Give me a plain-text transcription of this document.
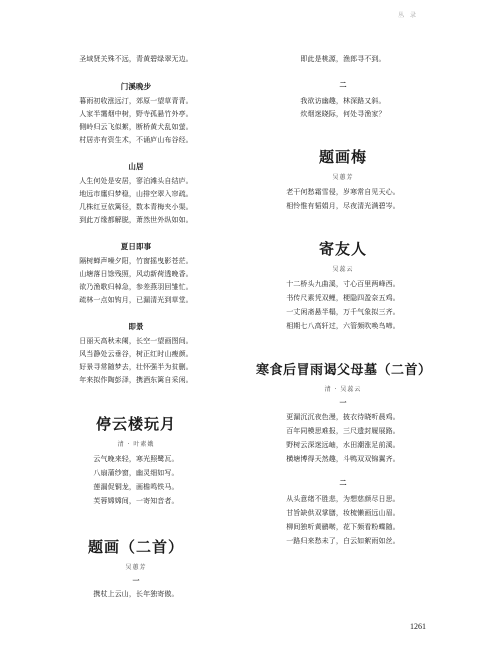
丛 录
圣域贤关殊不远，青黄碧绿翠无边。
门溪晚步
暮雨初收涨远汀，郊原一望草青青。
人家半霭烟中树，野寺孤悬竹外亭。
側岭归云飞似絮，断桥黄犬乱如萤。
村居亦有资生术，不诵庐山布谷经。
山居
人生何处是安居，寥泊滩头自结庐。
地远市廛归梦稳，山排空翠入帘疏。
几株红豆依篱径，数本青梅夹小渠。
到此万缘都解脱，萧然世外纵如如。
夏日即事
隔树蝉声噪夕阳，竹窗摇曳影苍茫。
山塘落日馀残照，风动新荷透晚香。
欲乃渔歌归棹急，参差燕羽回雏忙。
疏林一点如钩月，已漏清光到草堂。
即景
日丽天高秋未阑，长空一望画图间。
风当静处云垂谷，树正红时山瘦颜。
好景寻常随梦去，壮怀强半为贫删。
年来拟作陶彭泽，携酒东篱自采闲。
停云楼玩月
清 · 叶素娥
云气晚来轻，寒光照鹭瓦。
八扇蒲纱窗，幽灵细如写。
莲漏促铜龙，画檐鸣铁马。
芙蓉嫦嫦间，一寄知音者。
题画（二首）
吴蕙芳
一
携杖上云山，长年独寄傲。
即此是桃源，渔郎寻不到。
二
我欲访幽趣，林深路又斜。
炊烟迷晓际，何处寻渔家？
题画梅
吴蕙芳
老干何愁霜雪侵，岁寒常自见天心。
相怜惟有韬娟月，尽夜清光满碧岑。
寄友人
吴蕊云
十二桥头九曲溪，寸心百里两峰西。
书传尺素凭双鲤，梗隐四盈奈五鸡。
一丈闲斋悬半榻，万千气象拟三齐。
相期七八高轩过，六管频吹唤鸟啼。
寒食后冒雨谒父母墓（二首）
清 · 吴蕊云
一
更漏沉沉夜色漫，披衣待晓听晨鸡。
百年同模思难报，三尺遗封履展路。
野树云深迷远岫，水田潮涨足前溪。
横塘博得天然趣，斗鸭双双锦翼齐。
二
从头意绪不胜悲，为想慈颜尽日思。
甘旨缺供双掌膳，妆梳懒画远山眉。
柳间独听黄鹂啭，花下频看粉蝶随。
一路归来愁未了，白云如絮雨如丝。
1261
